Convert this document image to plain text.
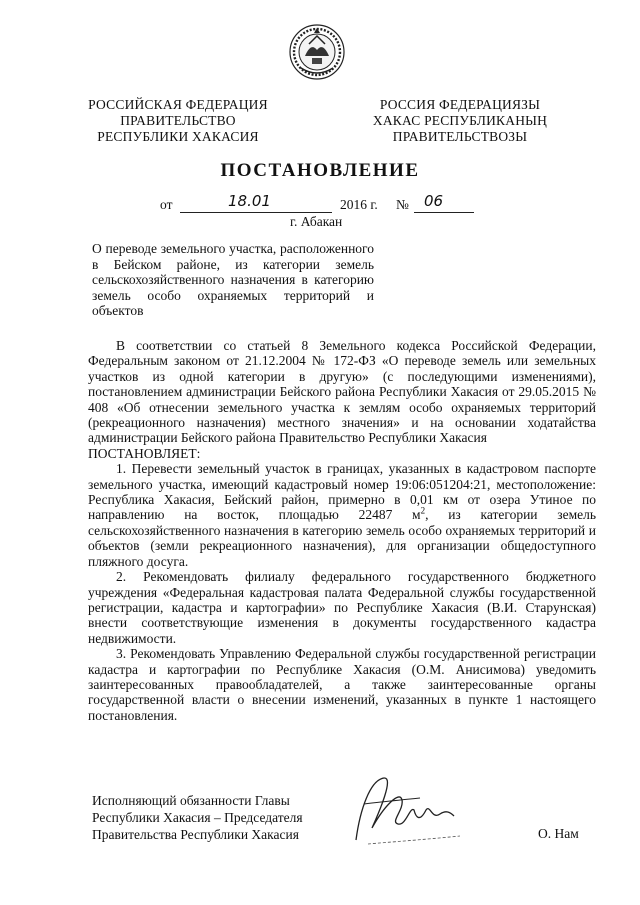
РОССИЙСКАЯ ФЕДЕРАЦИЯ
ПРАВИТЕЛЬСТВО
РЕСПУБЛИКИ ХАКАСИЯ
РОССИЯ ФЕДЕРАЦИЯЗЫ
ХАКАС РЕСПУБЛИКАНЫҢ
ПРАВИТЕЛЬСТВОЗЫ
ПОСТАНОВЛЕНИЕ
от	18.01	2016 г. № 06
г. Абакан

О переводе земельного участка, расположенного в Бейском районе, из категории земель сельскохозяйственного назначения в категорию земель особо охраняемых территорий и объектов

В соответствии со статьей 8 Земельного кодекса Российской Федерации, Федеральным законом от 21.12.2004 № 172-ФЗ «О переводе земель или земельных участков из одной категории в другую» (с последующими изменениями), постановлением администрации Бейского района Республики Хакасия от 29.05.2015 № 408 «Об отнесении земельного участка к землям особо охраняемых территорий (рекреационного назначения) местного значения» и на основании ходатайства администрации Бейского района Правительство Республики Хакасия

ПОСТАНОВЛЯЕТ:

1. Перевести земельный участок в границах, указанных в кадастровом паспорте земельного участка, имеющий кадастровый номер 19:06:051204:21, местоположение: Республика Хакасия, Бейский район, примерно в 0,01 км от озера Утиное по направлению на восток, площадью 22487 $м^2$, из категории земель сельскохозяйственного назначения в категорию земель особо охраняемых территорий и объектов (земли рекреационного назначения), для организации общедоступного пляжного досуга.

2. Рекомендовать филиалу федерального государственного бюджетного учреждения «Федеральная кадастровая палата Федеральной службы государственной регистрации, кадастра и картографии» по Республике Хакасия (В.И. Старунская) внести соответствующие изменения в документы государственного кадастра недвижимости.

3. Рекомендовать Управлению Федеральной службы государственной регистрации кадастра и картографии по Республике Хакасия (О.М. Анисимова) уведомить заинтересованных правообладателей, а также заинтересованные органы государственной власти о внесении изменений, указанных в пункте 1 настоящего постановления.

Исполняющий обязанности Главы
Республики Хакасия – Председателя
Правительства Республики Хакасия	О. Нам
